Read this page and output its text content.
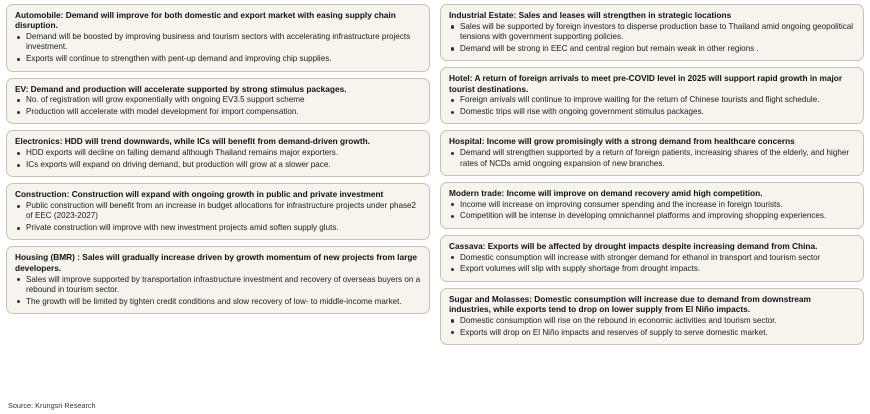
Automobile: Demand will improve for both domestic and export market with easing supply chain disruption.

Demand will be boosted by improving business and tourism sectors with accelerating infrastructure projects investment.
Exports will continue to strengthen with pent-up demand and improving chip supplies.

EV: Demand and production will accelerate supported by strong stimulus packages.

No. of registration will grow exponentially with ongoing EV3.5 support scheme
Production will accelerate with model development for import compensation.

Electronics: HDD will trend downwards, while ICs will benefit from demand-driven growth.

HDD exports will decline on falling demand although Thailand remains major exporters.
ICs exports will expand on driving demand, but production will grow at a slower pace.

Construction: Construction will expand with ongoing growth in public and private investment

Public construction will benefit from an increase in budget allocations for infrastructure projects under phase2 of EEC (2023-2027)
Private construction will improve with new investment projects amid soften supply gluts.

Housing (BMR) : Sales will gradually increase driven by growth momentum of new projects from large developers.

Sales will improve supported by transportation infrastructure investment and recovery of overseas buyers on a rebound in tourism sector.
The growth will be limited by tighten credit conditions and slow recovery of low- to middle-income market.

Industrial Estate: Sales and leases will strengthen in strategic locations

Sales will be supported by foreign investors to disperse production base to Thailand amid ongoing geopolitical tensions with government supporting policies.
Demand will be strong in EEC and central region but remain weak in other regions .

Hotel: A return of foreign arrivals to meet pre-COVID level in 2025 will support rapid growth in major tourist destinations.

Foreign arrivals will continue to improve waiting for the return of Chinese tourists and flight schedule.
Domestic trips will rise with ongoing government stimulus packages.

Hospital: Income will grow promisingly with a strong demand from healthcare concerns

Demand will strengthen supported by a return of foreign patients, increasing shares of the elderly, and higher rates of NCDs amid ongoing expansion of new branches.

Modern trade: Income will improve on demand recovery amid high competition.

Income will increase on improving consumer spending and the increase in foreign tourists.
Competition will be intense in developing omnichannel platforms and improving shopping experiences.

Cassava: Exports will be affected by drought impacts despite increasing demand from China.

Domestic consumption will increase with stronger demand for ethanol in transport and tourism sector
Export volumes will slip with supply shortage from drought impacts.

Sugar and Molasses: Domestic consumption will increase due to demand from downstream industries, while exports tend to drop on lower supply from El Niño impacts.

Domestic consumption will rise on the rebound in economic activities and tourism sector.
Exports will drop on El Niño impacts and reserves of supply to serve domestic market.
Source: Krungsri Research
